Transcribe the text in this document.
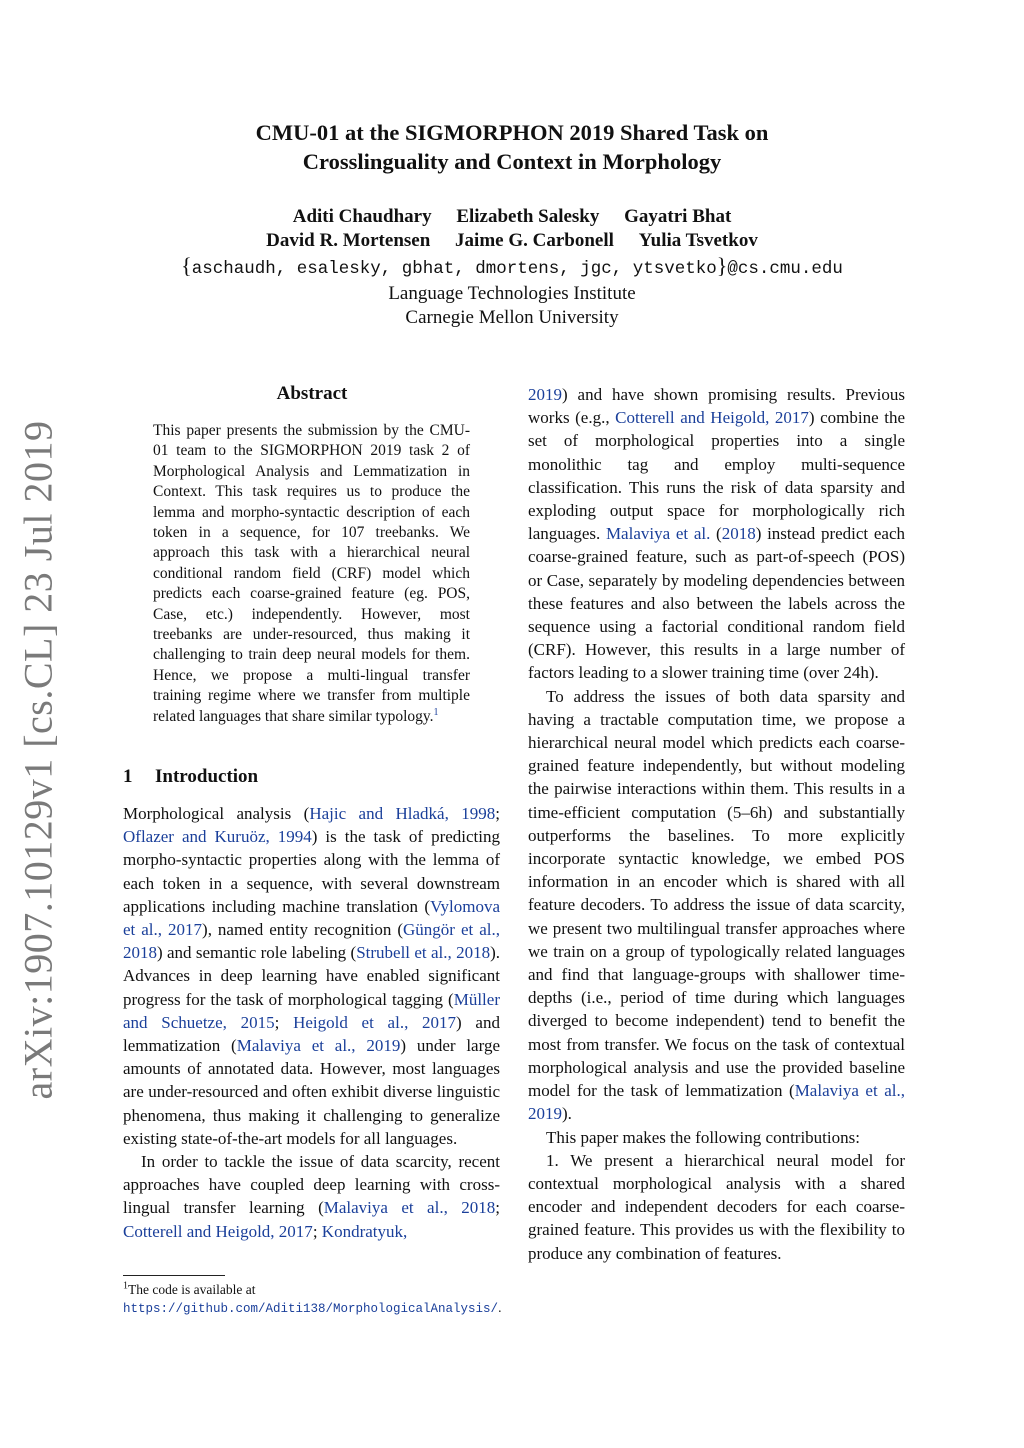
arXiv:1907.10129v1 [cs.CL] 23 Jul 2019
CMU-01 at the SIGMORPHON 2019 Shared Task on
Crosslinguality and Context in Morphology
Aditi Chaudhary Elizabeth Salesky Gayatri Bhat
David R. Mortensen Jaime G. Carbonell Yulia Tsvetkov
{aschaudh, esalesky, gbhat, dmortens, jgc, ytsvetko}@cs.cmu.edu
Language Technologies Institute
Carnegie Mellon University
Abstract
This paper presents the submission by the CMU-01 team to the SIGMORPHON 2019 task 2 of Morphological Analysis and Lemmatization in Context. This task requires us to produce the lemma and morpho-syntactic description of each token in a sequence, for 107 treebanks. We approach this task with a hierarchical neural conditional random field (CRF) model which predicts each coarse-grained feature (eg. POS, Case, etc.) independently. However, most treebanks are under-resourced, thus making it challenging to train deep neural models for them. Hence, we propose a multi-lingual transfer training regime where we transfer from multiple related languages that share similar typology.$^1$
1 Introduction

Morphological analysis (Hajic and Hladká, 1998; Oflazer and Kuruöz, 1994) is the task of predicting morpho-syntactic properties along with the lemma of each token in a sequence, with several downstream applications including machine translation (Vylomova et al., 2017), named entity recognition (Güngör et al., 2018) and semantic role labeling (Strubell et al., 2018). Advances in deep learning have enabled significant progress for the task of morphological tagging (Müller and Schuetze, 2015; Heigold et al., 2017) and lemmatization (Malaviya et al., 2019) under large amounts of annotated data. However, most languages are under-resourced and often exhibit diverse linguistic phenomena, thus making it challenging to generalize existing state-of-the-art models for all languages.

In order to tackle the issue of data scarcity, recent approaches have coupled deep learning with cross-lingual transfer learning (Malaviya et al., 2018; Cotterell and Heigold, 2017; Kondratyuk,

$^1$The code is available at https://github.com/Aditi138/MorphologicalAnalysis/.

2019) and have shown promising results. Previous works (e.g., Cotterell and Heigold, 2017) combine the set of morphological properties into a single monolithic tag and employ multi-sequence classification. This runs the risk of data sparsity and exploding output space for morphologically rich languages. Malaviya et al. (2018) instead predict each coarse-grained feature, such as part-of-speech (POS) or Case, separately by modeling dependencies between these features and also between the labels across the sequence using a factorial conditional random field (CRF). However, this results in a large number of factors leading to a slower training time (over 24h).

To address the issues of both data sparsity and having a tractable computation time, we propose a hierarchical neural model which predicts each coarse-grained feature independently, but without modeling the pairwise interactions within them. This results in a time-efficient computation (5–6h) and substantially outperforms the baselines. To more explicitly incorporate syntactic knowledge, we embed POS information in an encoder which is shared with all feature decoders. To address the issue of data scarcity, we present two multilingual transfer approaches where we train on a group of typologically related languages and find that language-groups with shallower time-depths (i.e., period of time during which languages diverged to become independent) tend to benefit the most from transfer. We focus on the task of contextual morphological analysis and use the provided baseline model for the task of lemmatization (Malaviya et al., 2019).

This paper makes the following contributions:

1. We present a hierarchical neural model for contextual morphological analysis with a shared encoder and independent decoders for each coarse-grained feature. This provides us with the flexibility to produce any combination of features.
